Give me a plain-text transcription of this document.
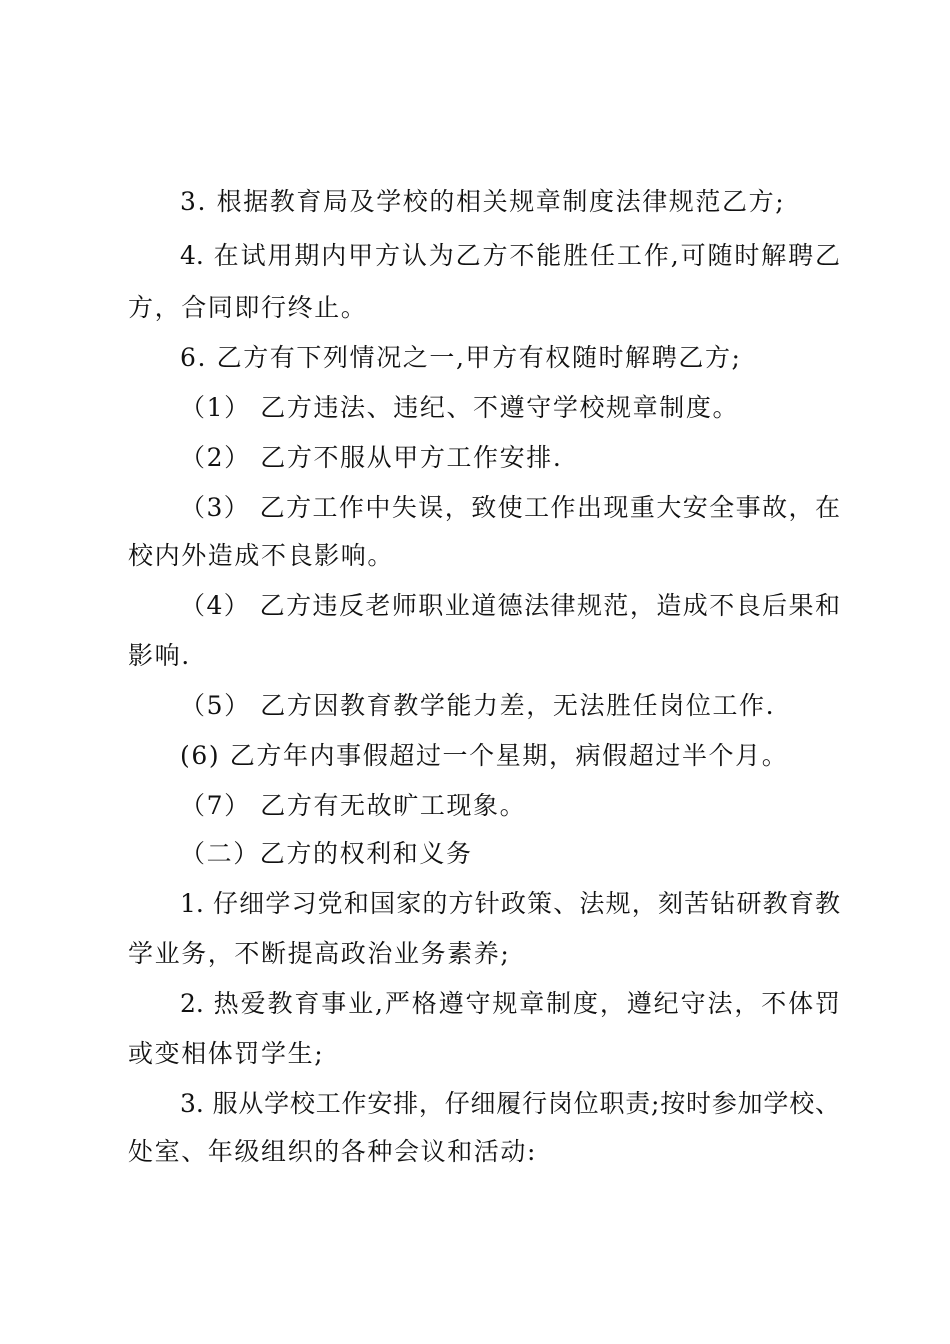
3. 根据教育局及学校的相关规章制度法律规范乙方;
4. 在试用期内甲方认为乙方不能胜任工作,可随时解聘乙
方，合同即行终止。
6. 乙方有下列情况之一,甲方有权随时解聘乙方;
（1） 乙方违法、违纪、不遵守学校规章制度。
（2） 乙方不服从甲方工作安排.
（3） 乙方工作中失误，致使工作出现重大安全事故，在
校内外造成不良影响。
（4） 乙方违反老师职业道德法律规范，造成不良后果和
影响.
（5） 乙方因教育教学能力差，无法胜任岗位工作.
(6) 乙方年内事假超过一个星期，病假超过半个月。
（7） 乙方有无故旷工现象。
（二）乙方的权利和义务
1. 仔细学习党和国家的方针政策、法规，刻苦钻研教育教
学业务，不断提高政治业务素养;
2. 热爱教育事业,严格遵守规章制度，遵纪守法，不体罚
或变相体罚学生;
3. 服从学校工作安排，仔细履行岗位职责;按时参加学校、
处室、年级组织的各种会议和活动:
